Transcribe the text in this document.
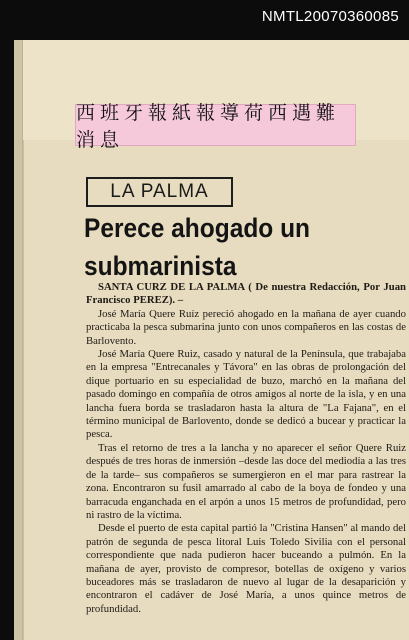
NMTL20070360085
西班牙報紙報導荷西遇難消息
LA PALMA
Perece ahogado un
submarinista

SANTA CURZ DE LA PALMA ( De nuestra Redacción, Por Juan Francisco PEREZ). –

José María Quere Ruíz pereció ahogado en la mañana de ayer cuando practicaba la pesca submarina junto con unos compañeros en las costas de Barlovento.

José María Quere Ruiz, casado y natural de la Península, que trabajaba en la empresa "Entrecanales y Távora" en las obras de prolongación del dique portuario en su especialidad de buzo, marchó en la mañana del pasado domingo en compañía de otros amigos al norte de la isla, y en una lancha fuera borda se trasladaron hasta la altura de "La Fajana", en el término municipal de Barlovento, donde se dedicó a bucear y practicar la pesca.

Tras el retorno de tres a la lancha y no aparecer el señor Quere Ruiz después de tres horas de inmersión –desde las doce del mediodía a las tres de la tarde– sus compañeros se sumergieron en el mar para rastrear la zona. Encontraron su fusil amarrado al cabo de la boya de fondeo y una barracuda enganchada en el arpón a unos 15 metros de profundidad, pero ni rastro de la víctima.

Desde el puerto de esta capital partió la "Cristina Hansen" al mando del patrón de segunda de pesca litoral Luis Toledo Sivilia con el personal correspondiente que nada pudieron hacer buceando a pulmón. En la mañana de ayer, provisto de compresor, botellas de oxígeno y varios buceadores más se trasladaron de nuevo al lugar de la desaparición y encontraron el cadáver de José María, a unos quince metros de profundidad.
